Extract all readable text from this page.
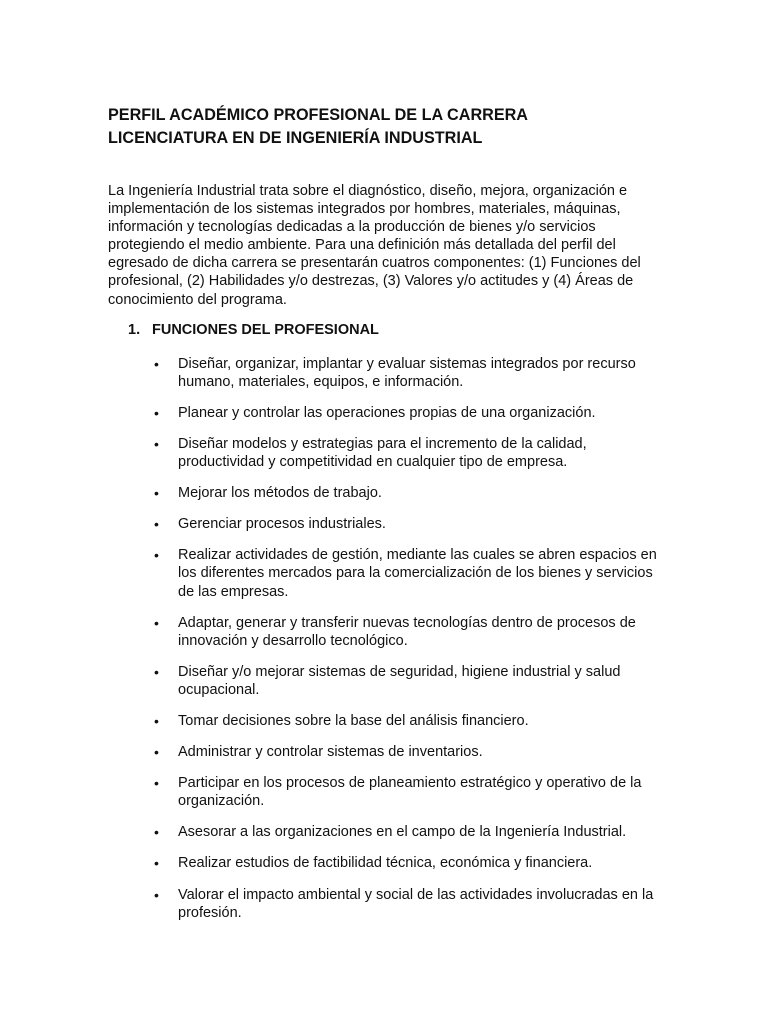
PERFIL ACADÉMICO PROFESIONAL DE LA CARRERA
LICENCIATURA EN DE INGENIERÍA INDUSTRIAL

La Ingeniería Industrial trata sobre el diagnóstico, diseño, mejora, organización e implementación de los sistemas integrados por hombres, materiales, máquinas, información y tecnologías dedicadas a la producción de bienes y/o servicios protegiendo el medio ambiente. Para una definición más detallada del perfil del egresado de dicha carrera se presentarán cuatros componentes: (1) Funciones del profesional, (2) Habilidades y/o destrezas, (3) Valores y/o actitudes y (4) Áreas de conocimiento del programa.

1. FUNCIONES DEL PROFESIONAL
• Diseñar, organizar, implantar y evaluar sistemas integrados por recurso humano, materiales, equipos, e información.
• Planear y controlar las operaciones propias de una organización.
• Diseñar modelos y estrategias para el incremento de la calidad, productividad y competitividad en cualquier tipo de empresa.
• Mejorar los métodos de trabajo.
• Gerenciar procesos industriales.
• Realizar actividades de gestión, mediante las cuales se abren espacios en los diferentes mercados para la comercialización de los bienes y servicios de las empresas.
• Adaptar, generar y transferir nuevas tecnologías dentro de procesos de innovación y desarrollo tecnológico.
• Diseñar y/o mejorar sistemas de seguridad, higiene industrial y salud ocupacional.
• Tomar decisiones sobre la base del análisis financiero.
• Administrar y controlar sistemas de inventarios.
• Participar en los procesos de planeamiento estratégico y operativo de la organización.
• Asesorar a las organizaciones en el campo de la Ingeniería Industrial.
• Realizar estudios de factibilidad técnica, económica y financiera.
• Valorar el impacto ambiental y social de las actividades involucradas en la profesión.
